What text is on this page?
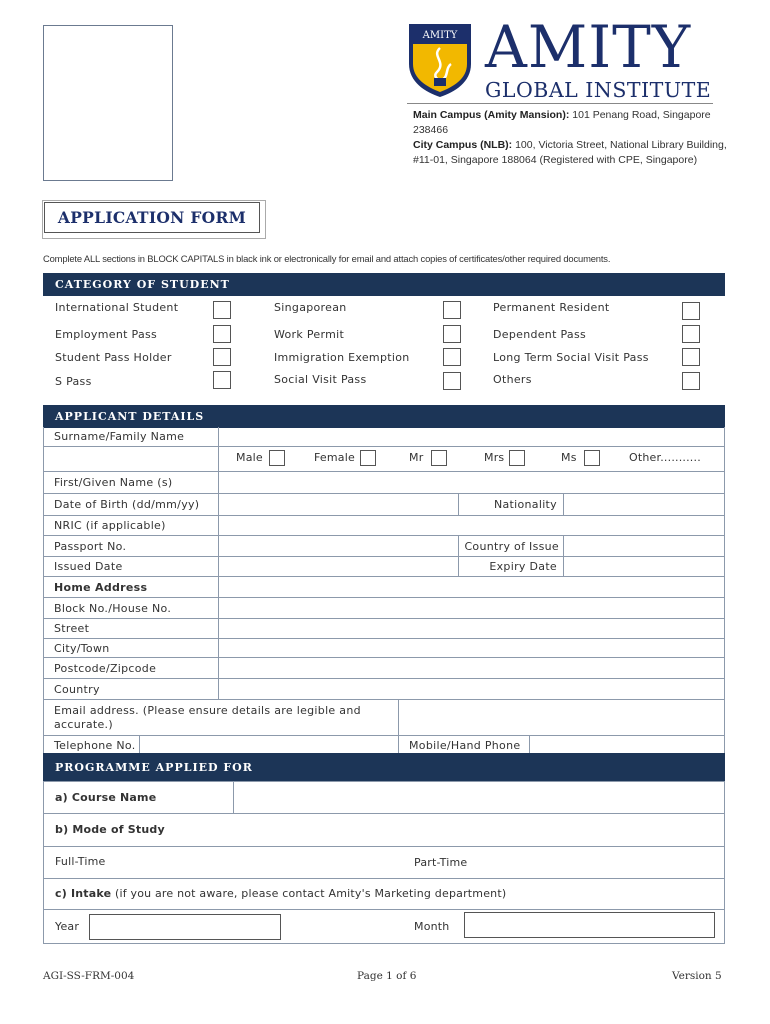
AMITY AMITY
GLOBAL INSTITUTE
Main Campus (Amity Mansion): 101 Penang Road, Singapore 238466
City Campus (NLB): 100, Victoria Street, National Library Building, #11-01, Singapore 188064 (Registered with CPE, Singapore)
APPLICATION FORM
Complete ALL sections in BLOCK CAPITALS in black ink or electronically for email and attach copies of certificates/other required documents.
CATEGORY OF STUDENT
International Student	Singaporean	Permanent Resident
Employment Pass	Work Permit	Dependent Pass
Student Pass Holder	Immigration Exemption	Long Term Social Visit Pass
S Pass	Social Visit Pass	Others
APPLICANT DETAILS
Surname/Family Name
Male	Female	Mr	Mrs	Ms	Other...........
First/Given Name (s)
Date of Birth (dd/mm/yy)	Nationality
NRIC (if applicable)
Passport No.	Country of Issue
Issued Date	Expiry Date
Home Address
Block No./House No.
Street
City/Town
Postcode/Zipcode
Country
Email address. (Please ensure details are legible and accurate.)
Telephone No.	Mobile/Hand Phone
PROGRAMME APPLIED FOR
a) Course Name
b) Mode of Study
Full-Time	Part-Time
c) Intake (if you are not aware, please contact Amity's Marketing department)
Year	Month
AGI-SS-FRM-004	Page 1 of 6	Version 5
